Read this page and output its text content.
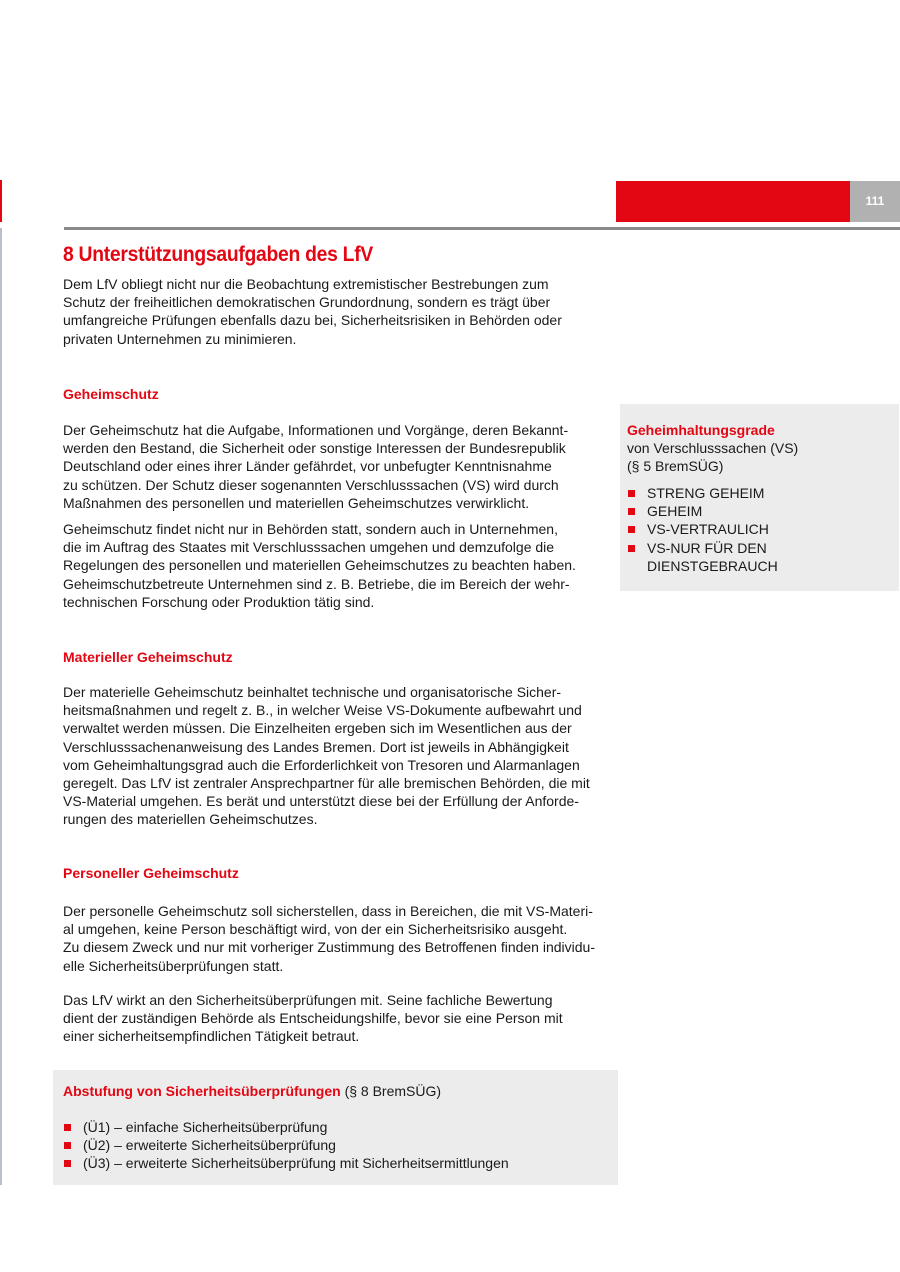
111
8 Unterstützungsaufgaben des LfV
Dem LfV obliegt nicht nur die Beobachtung extremistischer Bestrebungen zum
Schutz der freiheitlichen demokratischen Grundordnung, sondern es trägt über
umfangreiche Prüfungen ebenfalls dazu bei, Sicherheitsrisiken in Behörden oder
privaten Unternehmen zu minimieren.
Geheimschutz
Der Geheimschutz hat die Aufgabe, Informationen und Vorgänge, deren Bekannt-
werden den Bestand, die Sicherheit oder sonstige Interessen der Bundesrepublik
Deutschland oder eines ihrer Länder gefährdet, vor unbefugter Kenntnisnahme
zu schützen. Der Schutz dieser sogenannten Verschlusssachen (VS) wird durch
Maßnahmen des personellen und materiellen Geheimschutzes verwirklicht.
Geheimschutz findet nicht nur in Behörden statt, sondern auch in Unternehmen,
die im Auftrag des Staates mit Verschlusssachen umgehen und demzufolge die
Regelungen des personellen und materiellen Geheimschutzes zu beachten haben.
Geheimschutzbetreute Unternehmen sind z. B. Betriebe, die im Bereich der wehr-
technischen Forschung oder Produktion tätig sind.
Materieller Geheimschutz
Der materielle Geheimschutz beinhaltet technische und organisatorische Sicher-
heitsmaßnahmen und regelt z. B., in welcher Weise VS-Dokumente aufbewahrt und
verwaltet werden müssen. Die Einzelheiten ergeben sich im Wesentlichen aus der
Verschlusssachenanweisung des Landes Bremen. Dort ist jeweils in Abhängigkeit
vom Geheimhaltungsgrad auch die Erforderlichkeit von Tresoren und Alarmanlagen
geregelt. Das LfV ist zentraler Ansprechpartner für alle bremischen Behörden, die mit
VS-Material umgehen. Es berät und unterstützt diese bei der Erfüllung der Anforde-
rungen des materiellen Geheimschutzes.
Personeller Geheimschutz
Der personelle Geheimschutz soll sicherstellen, dass in Bereichen, die mit VS-Materi-
al umgehen, keine Person beschäftigt wird, von der ein Sicherheitsrisiko ausgeht.
Zu diesem Zweck und nur mit vorheriger Zustimmung des Betroffenen finden individu-
elle Sicherheitsüberprüfungen statt.
Das LfV wirkt an den Sicherheitsüberprüfungen mit. Seine fachliche Bewertung
dient der zuständigen Behörde als Entscheidungshilfe, bevor sie eine Person mit
einer sicherheitsempfindlichen Tätigkeit betraut.
Geheimhaltungsgrade
von Verschlusssachen (VS)
(§ 5 BremSÜG)
STRENG GEHEIM
GEHEIM
VS-VERTRAULICH
VS-NUR FÜR DEN
DIENSTGEBRAUCH
Abstufung von Sicherheitsüberprüfungen (§ 8 BremSÜG)
(Ü1) – einfache Sicherheitsüberprüfung
(Ü2) – erweiterte Sicherheitsüberprüfung
(Ü3) – erweiterte Sicherheitsüberprüfung mit Sicherheitsermittlungen
